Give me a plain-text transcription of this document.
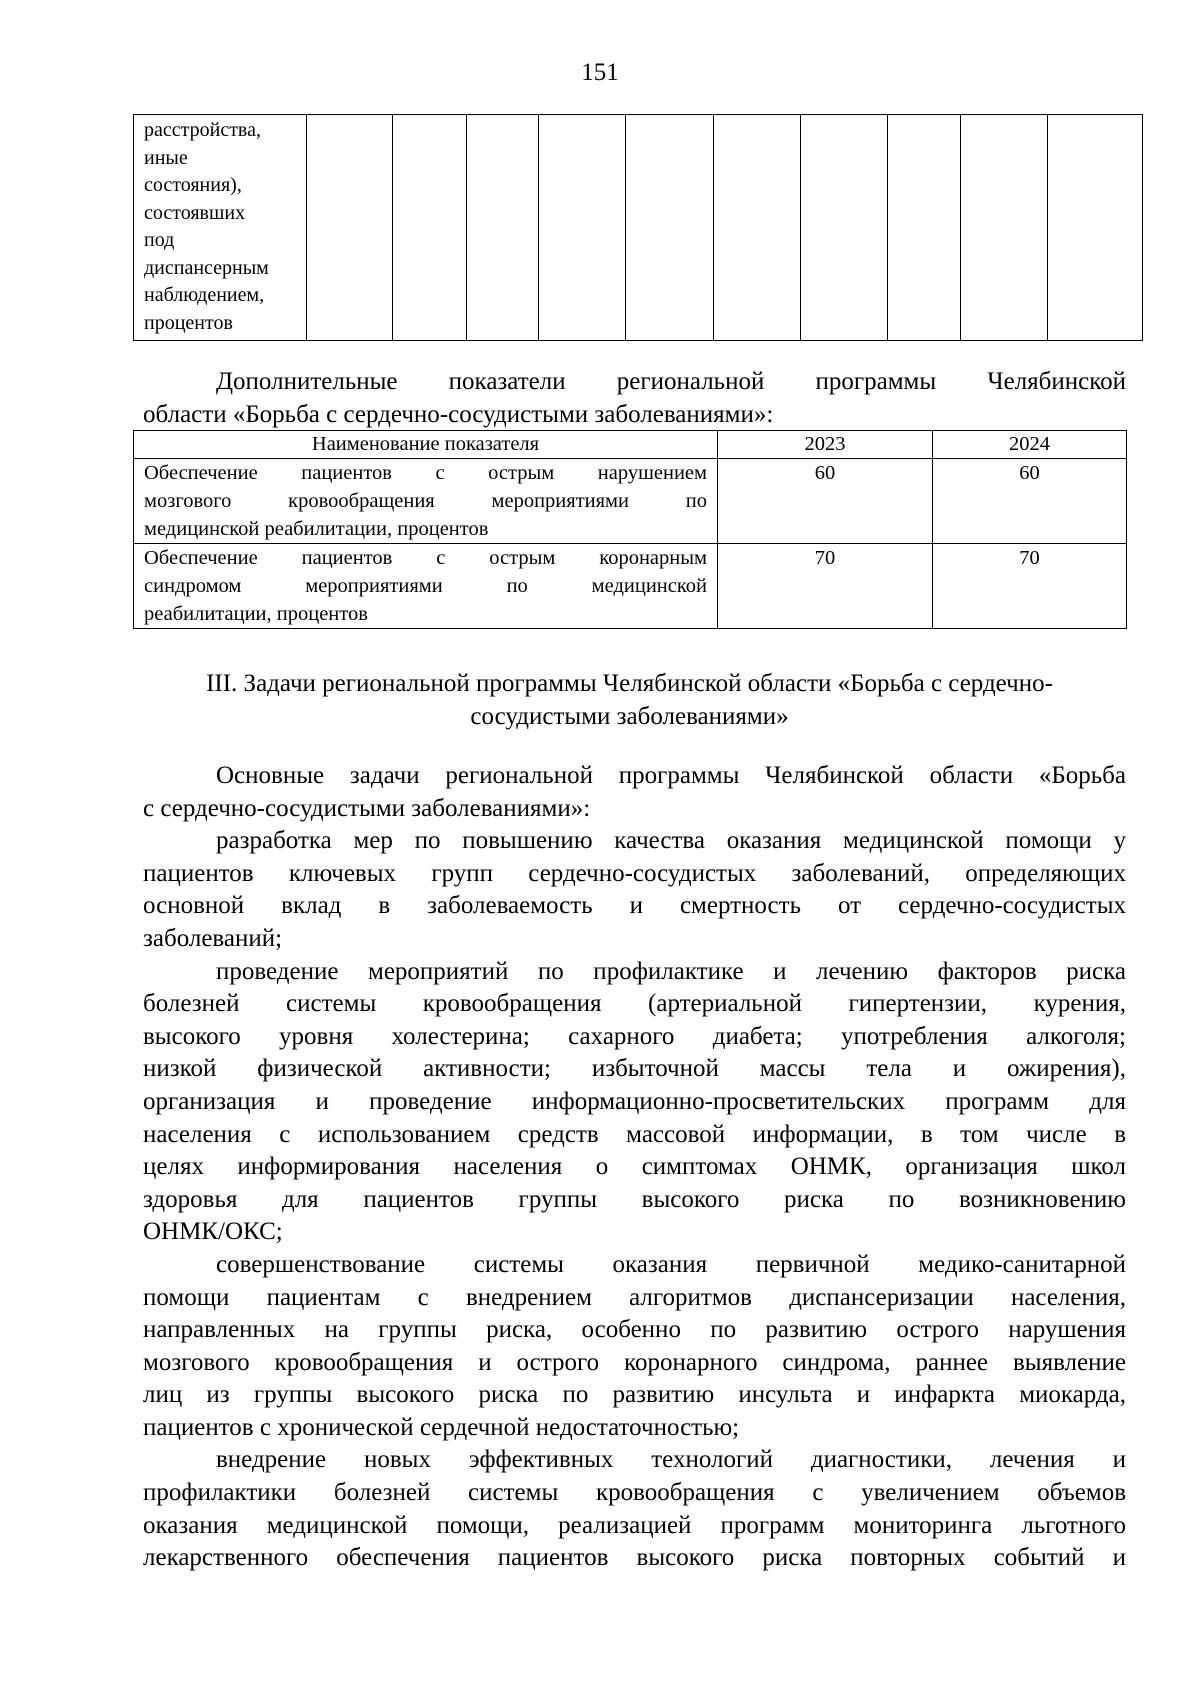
151
расстройства,
иные
состояния),
состоявших
под
диспансерным
наблюдением,
процентов										
Дополнительные показатели региональной программы Челябинской
области «Борьба с сердечно-сосудистыми заболеваниями»:
Наименование показателя	2023	2024

Обеспечение пациентов с острым нарушением
мозгового кровообращения мероприятиями по
медицинской реабилитации, процентов	60	60

Обеспечение пациентов с острым коронарным
синдромом мероприятиями по медицинской
реабилитации, процентов	70	70
III. Задачи региональной программы Челябинской области «Борьба с сердечно-
сосудистыми заболеваниями»
Основные задачи региональной программы Челябинской области «Борьба
с сердечно-сосудистыми заболеваниями»:
разработка мер по повышению качества оказания медицинской помощи у
пациентов ключевых групп сердечно-сосудистых заболеваний, определяющих
основной вклад в заболеваемость и смертность от сердечно-сосудистых
заболеваний;
проведение мероприятий по профилактике и лечению факторов риска
болезней системы кровообращения (артериальной гипертензии, курения,
высокого уровня холестерина; сахарного диабета; употребления алкоголя;
низкой физической активности; избыточной массы тела и ожирения),
организация и проведение информационно-просветительских программ для
населения с использованием средств массовой информации, в том числе в
целях информирования населения о симптомах ОНМК, организация школ
здоровья для пациентов группы высокого риска по возникновению
ОНМК/ОКС;
совершенствование системы оказания первичной медико-санитарной
помощи пациентам с внедрением алгоритмов диспансеризации населения,
направленных на группы риска, особенно по развитию острого нарушения
мозгового кровообращения и острого коронарного синдрома, раннее выявление
лиц из группы высокого риска по развитию инсульта и инфаркта миокарда,
пациентов с хронической сердечной недостаточностью;
внедрение новых эффективных технологий диагностики, лечения и
профилактики болезней системы кровообращения с увеличением объемов
оказания медицинской помощи, реализацией программ мониторинга льготного
лекарственного обеспечения пациентов высокого риска повторных событий и
